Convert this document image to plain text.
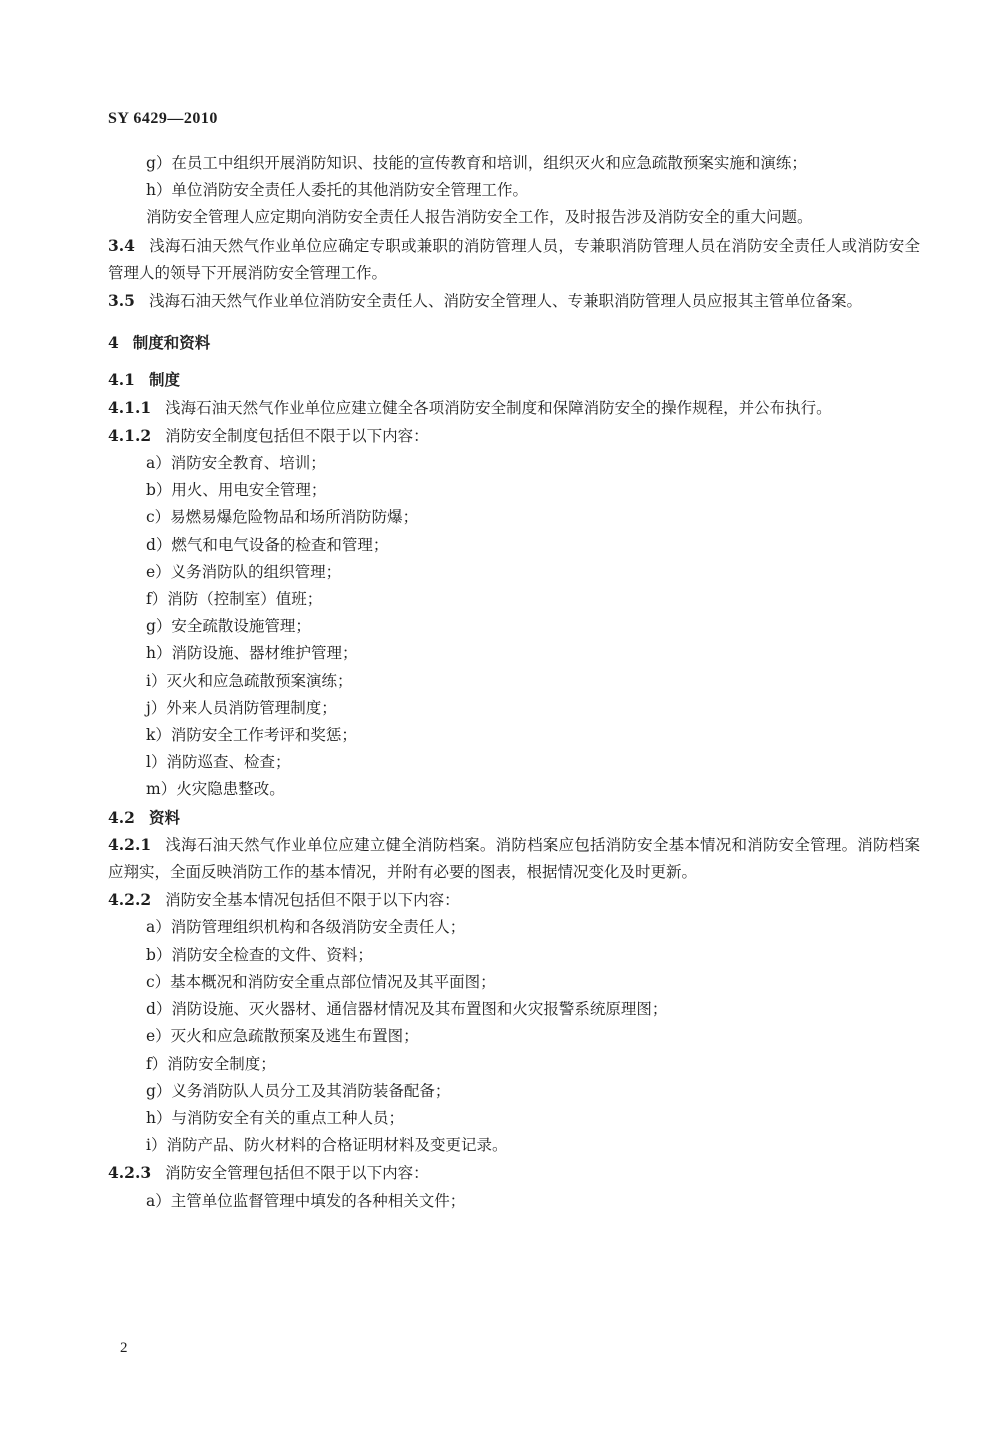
SY 6429—2010

g）在员工中组织开展消防知识、技能的宣传教育和培训，组织灭火和应急疏散预案实施和演练；

h）单位消防安全责任人委托的其他消防安全管理工作。

消防安全管理人应定期向消防安全责任人报告消防安全工作，及时报告涉及消防安全的重大问题。

3.4 浅海石油天然气作业单位应确定专职或兼职的消防管理人员，专兼职消防管理人员在消防安全责任人或消防安全管理人的领导下开展消防安全管理工作。

3.5 浅海石油天然气作业单位消防安全责任人、消防安全管理人、专兼职消防管理人员应报其主管单位备案。

4 制度和资料

4.1 制度

4.1.1 浅海石油天然气作业单位应建立健全各项消防安全制度和保障消防安全的操作规程，并公布执行。

4.1.2 消防安全制度包括但不限于以下内容：

a）消防安全教育、培训；

b）用火、用电安全管理；

c）易燃易爆危险物品和场所消防防爆；

d）燃气和电气设备的检查和管理；

e）义务消防队的组织管理；

f）消防（控制室）值班；

g）安全疏散设施管理；

h）消防设施、器材维护管理；

i）灭火和应急疏散预案演练；

j）外来人员消防管理制度；

k）消防安全工作考评和奖惩；

l）消防巡查、检查；

m）火灾隐患整改。

4.2 资料

4.2.1 浅海石油天然气作业单位应建立健全消防档案。消防档案应包括消防安全基本情况和消防安全管理。消防档案应翔实，全面反映消防工作的基本情况，并附有必要的图表，根据情况变化及时更新。

4.2.2 消防安全基本情况包括但不限于以下内容：

a）消防管理组织机构和各级消防安全责任人；

b）消防安全检查的文件、资料；

c）基本概况和消防安全重点部位情况及其平面图；

d）消防设施、灭火器材、通信器材情况及其布置图和火灾报警系统原理图；

e）灭火和应急疏散预案及逃生布置图；

f）消防安全制度；

g）义务消防队人员分工及其消防装备配备；

h）与消防安全有关的重点工种人员；

i）消防产品、防火材料的合格证明材料及变更记录。

4.2.3 消防安全管理包括但不限于以下内容：

a）主管单位监督管理中填发的各种相关文件；

2
